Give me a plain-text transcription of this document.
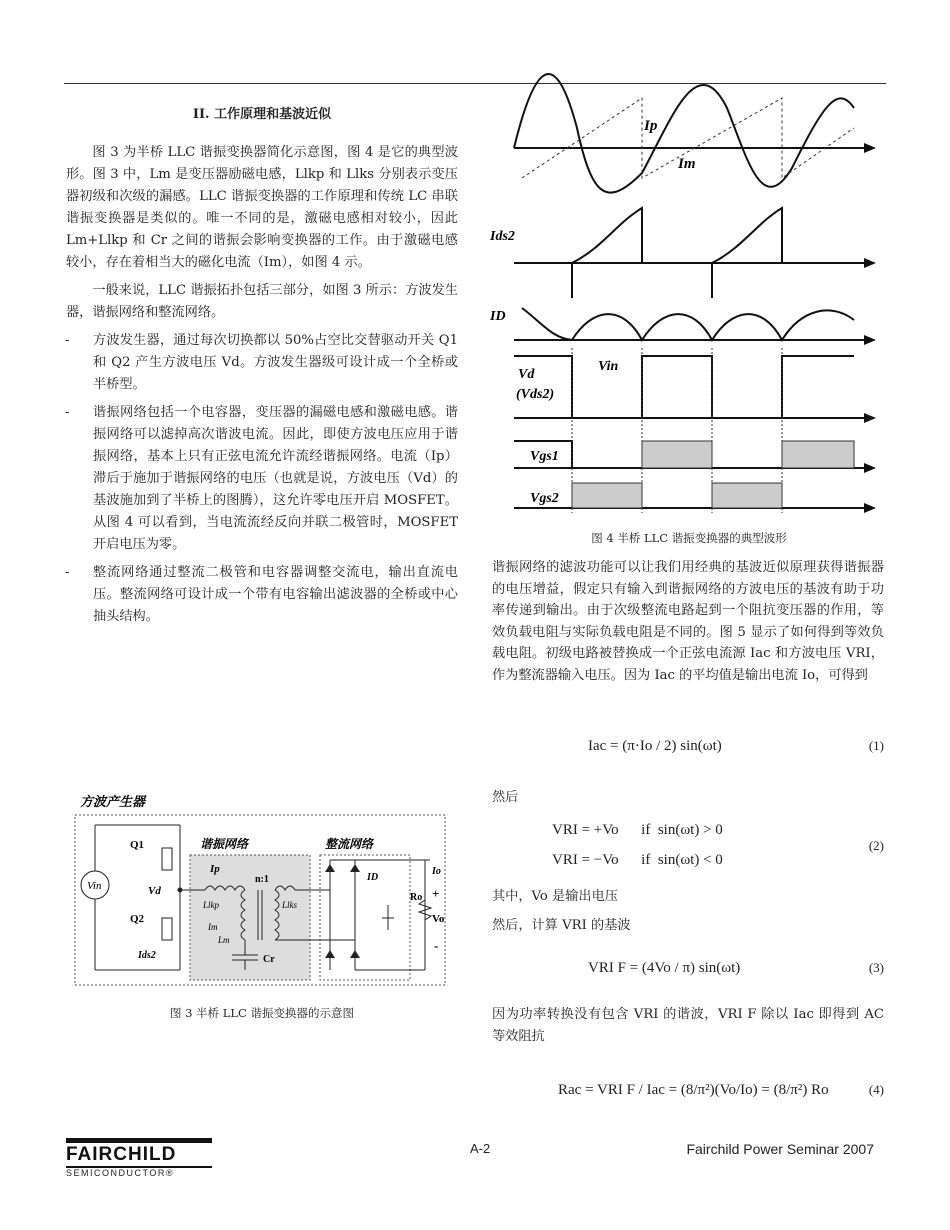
II. 工作原理和基波近似

图 3 为半桥 LLC 谐振变换器简化示意图，图 4 是它的典型波形。图 3 中，Lm 是变压器励磁电感，Llkp 和 Llks 分别表示变压器初级和次级的漏感。LLC 谐振变换器的工作原理和传统 LC 串联谐振变换器是类似的。唯一不同的是，激磁电感相对较小，因此 Lm+Llkp 和 Cr 之间的谐振会影响变换器的工作。由于激磁电感较小，存在着相当大的磁化电流（Im），如图 4 示。

一般来说，LLC 谐振拓扑包括三部分，如图 3 所示：方波发生器，谐振网络和整流网络。

- 方波发生器，通过每次切换都以 50%占空比交替驱动开关 Q1 和 Q2 产生方波电压 Vd。方波发生器级可设计成一个全桥或半桥型。

- 谐振网络包括一个电容器，变压器的漏磁电感和激磁电感。谐振网络可以滤掉高次谐波电流。因此，即使方波电压应用于谐振网络，基本上只有正弦电流允许流经谐振网络。电流（Ip）滞后于施加于谐振网络的电压（也就是说，方波电压（Vd）的基波施加到了半桥上的图腾），这允许零电压开启 MOSFET。从图 4 可以看到，当电流流经反向并联二极管时，MOSFET 开启电压为零。

- 整流网络通过整流二极管和电容器调整交流电，输出直流电压。整流网络可设计成一个带有电容输出滤波器的全桥或中心抽头结构。

方波产生器
谐振网络	整流网络
Vin
Q1
Q2
Vd
Ids2
Ip
n:1
Llkp
Im
Lm
Llks
Cr
ID
Io
Ro +
Vo
-
图 3 半桥 LLC 谐振变换器的示意图
Ip
Im
Ids2
ID
Vd
(Vds2)
Vin
Vgs1
Vgs2
图 4 半桥 LLC 谐振变换器的典型波形
谐振网络的滤波功能可以让我们用经典的基波近似原理获得谐振器的电压增益，假定只有输入到谐振网络的方波电压的基波有助于功率传递到输出。由于次级整流电路起到一个阻抗变压器的作用，等效负载电阻与实际负载电阻是不同的。图 5 显示了如何得到等效负载电阻。初级电路被替换成一个正弦电流源 Iac 和方波电压 VRI，作为整流器输入电压。因为 Iac 的平均值是输出电流 Io，可得到
Iac = (π·Io / 2) sin(ωt)	(1)
然后
VRI = +Vo      if  sin(ωt) > 0
VRI = −Vo      if  sin(ωt) < 0
(2)
其中，Vo 是输出电压
然后，计算 VRI 的基波
VRI F = (4Vo / π) sin(ωt)	(3)
因为功率转换没有包含 VRI 的谐波，VRI F 除以 Iac 即得到 AC 等效阻抗
Rac = VRI F / Iac = (8/π²)(Vo/Io) = (8/π²) Ro	(4)
FAIRCHILD
SEMICONDUCTOR®
A-2	Fairchild Power Seminar 2007
